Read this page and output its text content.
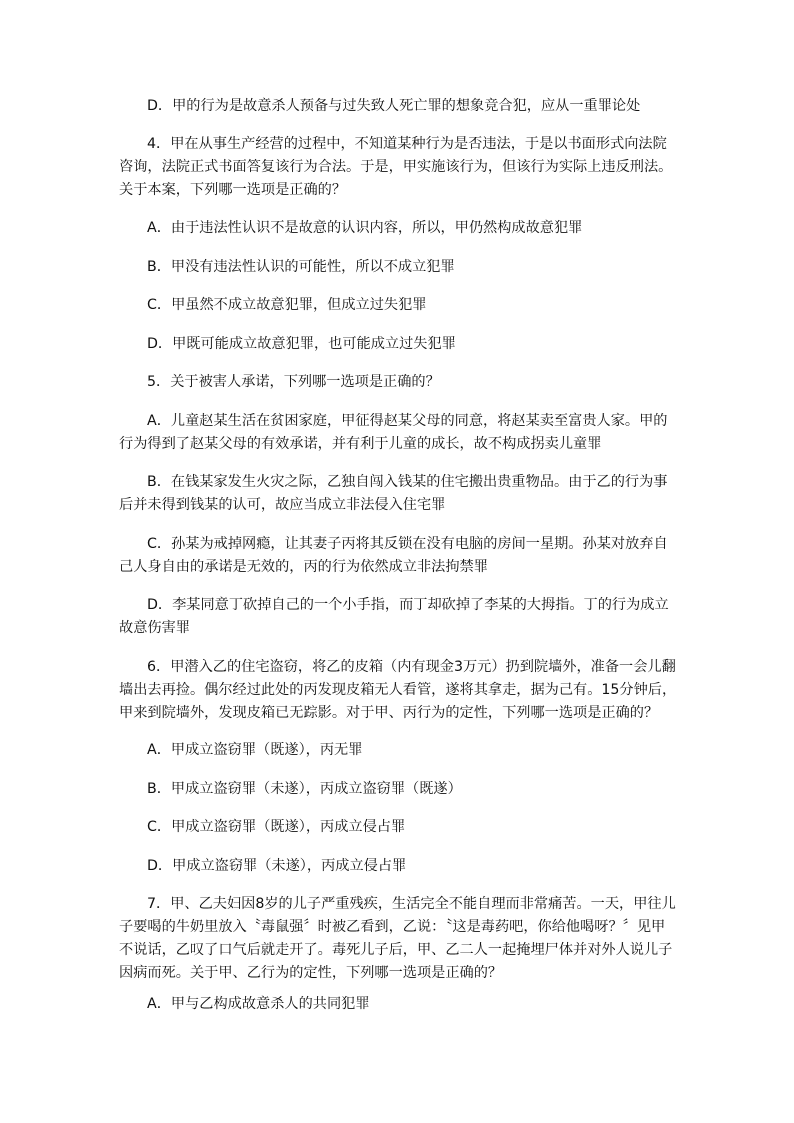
D．甲的行为是故意杀人预备与过失致人死亡罪的想象竞合犯，应从一重罪论处

4．甲在从事生产经营的过程中，不知道某种行为是否违法，于是以书面形式向法院咨询，法院正式书面答复该行为合法。于是，甲实施该行为，但该行为实际上违反刑法。关于本案，下列哪一选项是正确的？

A．由于违法性认识不是故意的认识内容，所以，甲仍然构成故意犯罪

B．甲没有违法性认识的可能性，所以不成立犯罪

C．甲虽然不成立故意犯罪，但成立过失犯罪

D．甲既可能成立故意犯罪，也可能成立过失犯罪

5．关于被害人承诺，下列哪一选项是正确的？

A．儿童赵某生活在贫困家庭，甲征得赵某父母的同意，将赵某卖至富贵人家。甲的行为得到了赵某父母的有效承诺，并有利于儿童的成长，故不构成拐卖儿童罪

B．在钱某家发生火灾之际，乙独自闯入钱某的住宅搬出贵重物品。由于乙的行为事后并未得到钱某的认可，故应当成立非法侵入住宅罪

C．孙某为戒掉网瘾，让其妻子丙将其反锁在没有电脑的房间一星期。孙某对放弃自己人身自由的承诺是无效的，丙的行为依然成立非法拘禁罪

D．李某同意丁砍掉自己的一个小手指，而丁却砍掉了李某的大拇指。丁的行为成立故意伤害罪

6．甲潜入乙的住宅盗窃，将乙的皮箱（内有现金3万元）扔到院墙外，准备一会儿翻墙出去再捡。偶尔经过此处的丙发现皮箱无人看管，遂将其拿走，据为己有。15分钟后，甲来到院墙外，发现皮箱已无踪影。对于甲、丙行为的定性，下列哪一选项是正确的？

A．甲成立盗窃罪（既遂），丙无罪

B．甲成立盗窃罪（未遂），丙成立盗窃罪（既遂）

C．甲成立盗窃罪（既遂），丙成立侵占罪

D．甲成立盗窃罪（未遂），丙成立侵占罪

7．甲、乙夫妇因8岁的儿子严重残疾，生活完全不能自理而非常痛苦。一天，甲往儿子要喝的牛奶里放入〝毒鼠强〞时被乙看到，乙说：〝这是毒药吧，你给他喝呀？〞见甲不说话，乙叹了口气后就走开了。毒死儿子后，甲、乙二人一起掩埋尸体并对外人说儿子因病而死。关于甲、乙行为的定性，下列哪一选项是正确的？

A．甲与乙构成故意杀人的共同犯罪
